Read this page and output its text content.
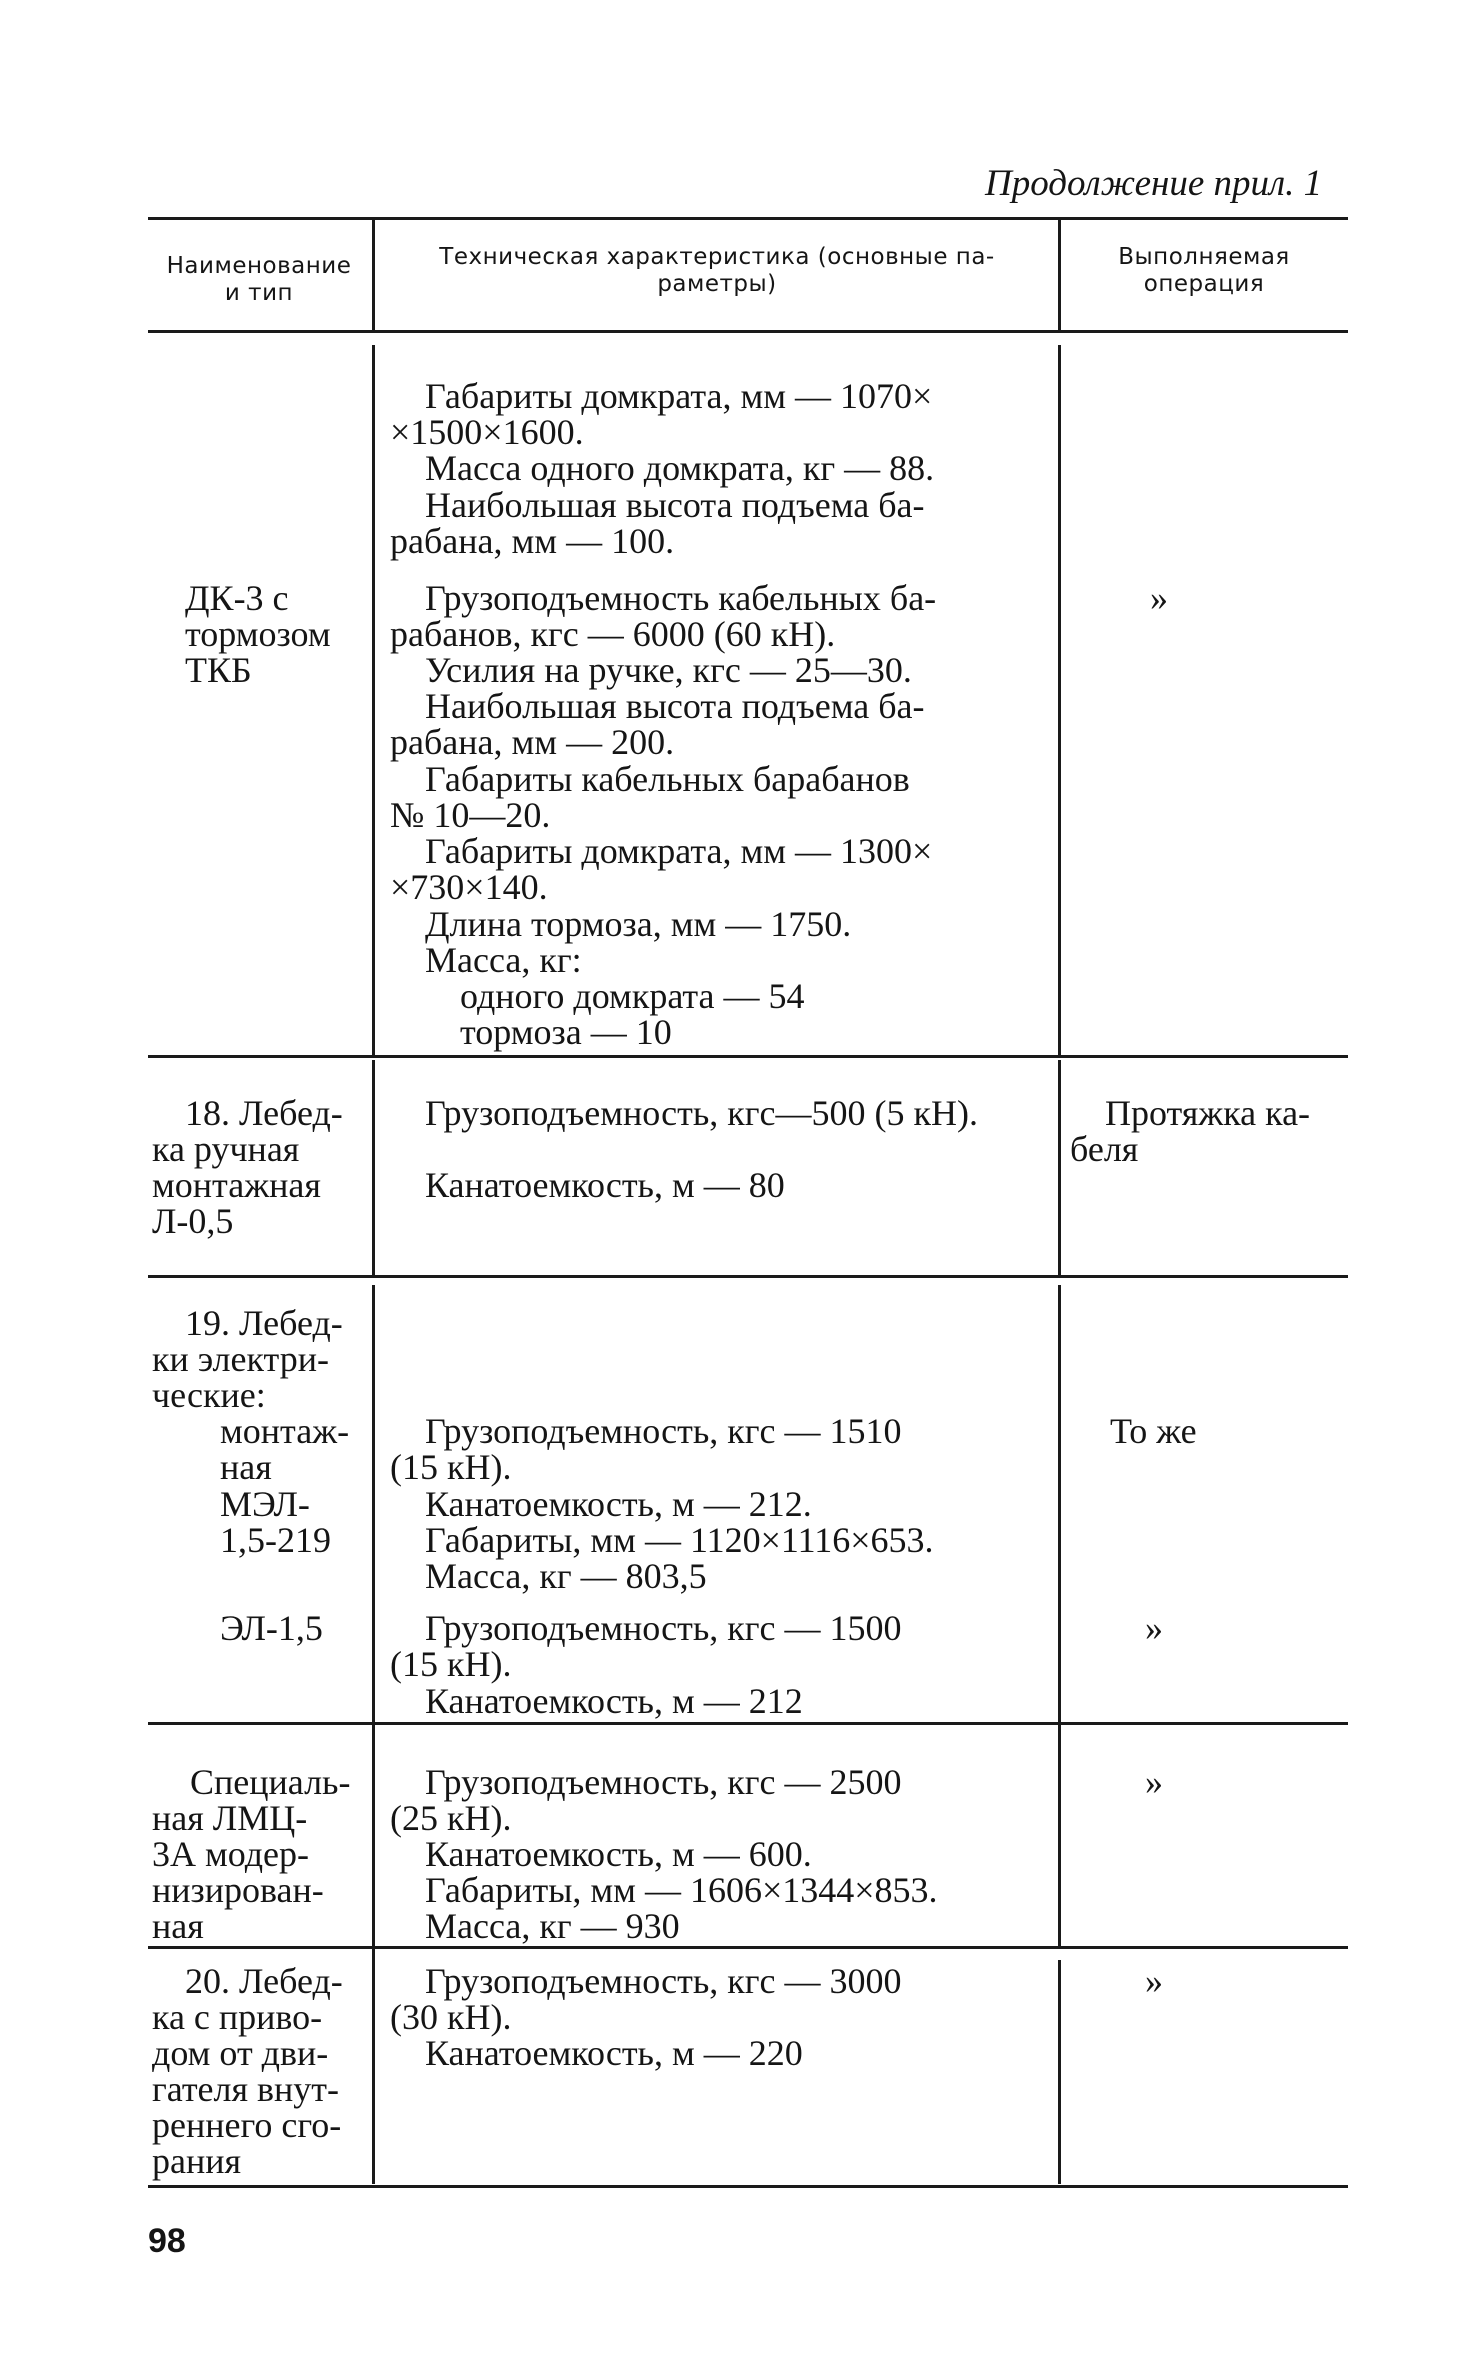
Продолжение прил. 1
Наименование
и тип
Техническая характеристика (основные па-
раметры)
Выполняемая
операция
Габариты домкрата, мм — 1070×
×1500×1600.
Масса одного домкрата, кг — 88.
Наибольшая высота подъема ба-
рабана, мм — 100.
ДК-3 с
тормозом
ТКБ
»
Грузоподъемность кабельных ба-
рабанов, кгс — 6000 (60 кН).
Усилия на ручке, кгс — 25—30.
Наибольшая высота подъема ба-
рабана, мм — 200.
Габариты кабельных барабанов
№ 10—20.
Габариты домкрата, мм — 1300×
×730×140.
Длина тормоза, мм — 1750.
Масса, кг:
одного домкрата — 54
тормоза — 10
18. Лебед-
ка ручная
монтажная
Л-0,5
Грузоподъемность, кгс—500 (5 кН).
Канатоемкость, м — 80
Протяжка ка-
беля
19. Лебед-
ки электри-
ческие:
монтаж-
ная
МЭЛ-
1,5-219
Грузоподъемность, кгс — 1510
(15 кН).
Канатоемкость, м — 212.
Габариты, мм — 1120×1116×653.
Масса, кг — 803,5
То же
ЭЛ-1,5	Грузоподъемность, кгс — 1500
(15 кН).
Канатоемкость, м — 212
»
Специаль-
ная ЛМЦ-
3А модер-
низирован-
ная
Грузоподъемность, кгс — 2500
(25 кН).
Канатоемкость, м — 600.
Габариты, мм — 1606×1344×853.
Масса, кг — 930
»
20. Лебед-
ка с приво-
дом от дви-
гателя внут-
реннего сго-
рания
Грузоподъемность, кгс — 3000
(30 кН).
Канатоемкость, м — 220
»
98
